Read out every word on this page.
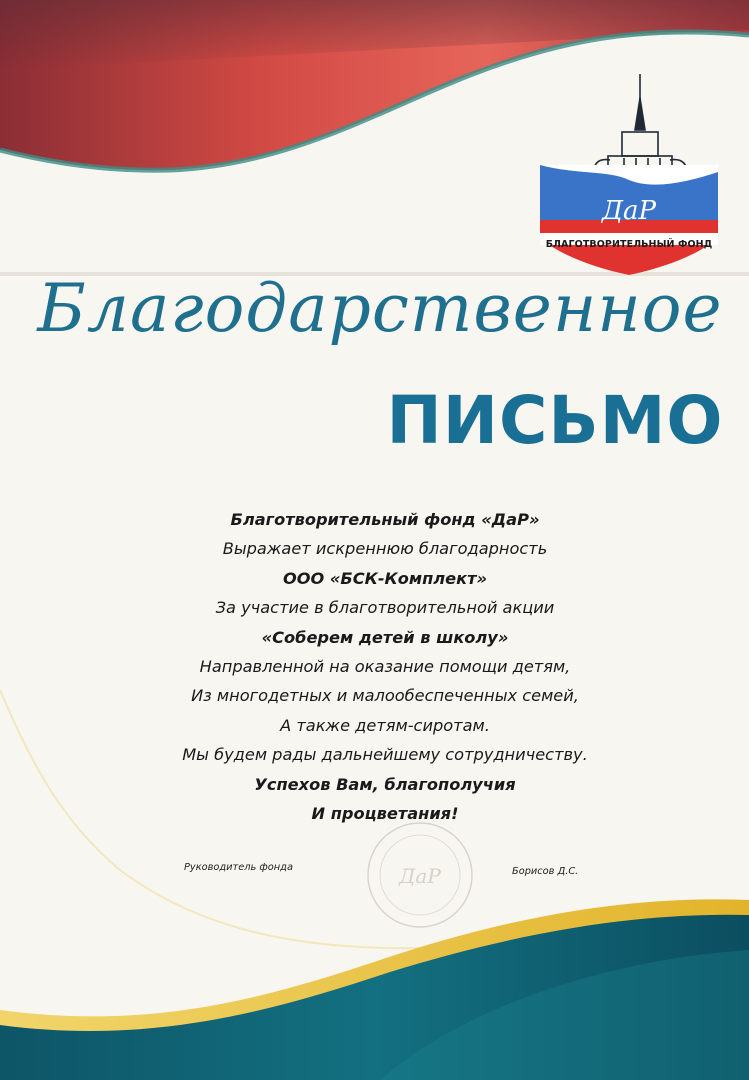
ДаР
БЛАГОТВОРИТЕЛЬНЫЙ ФОНД
Благодарственное
ПИСЬМО
Благотворительный фонд «ДаР»
Выражает искреннюю благодарность
ООО «БСК-Комплект»
За участие в благотворительной акции
«Соберем детей в школу»
Направленной на оказание помощи детям,
Из многодетных и малообеспеченных семей,
А также детям-сиротам.
Мы будем рады дальнейшему сотрудничеству.
Успехов Вам, благополучия
И процветания!
ДаР
Руководитель фонда	Борисов Д.С.
